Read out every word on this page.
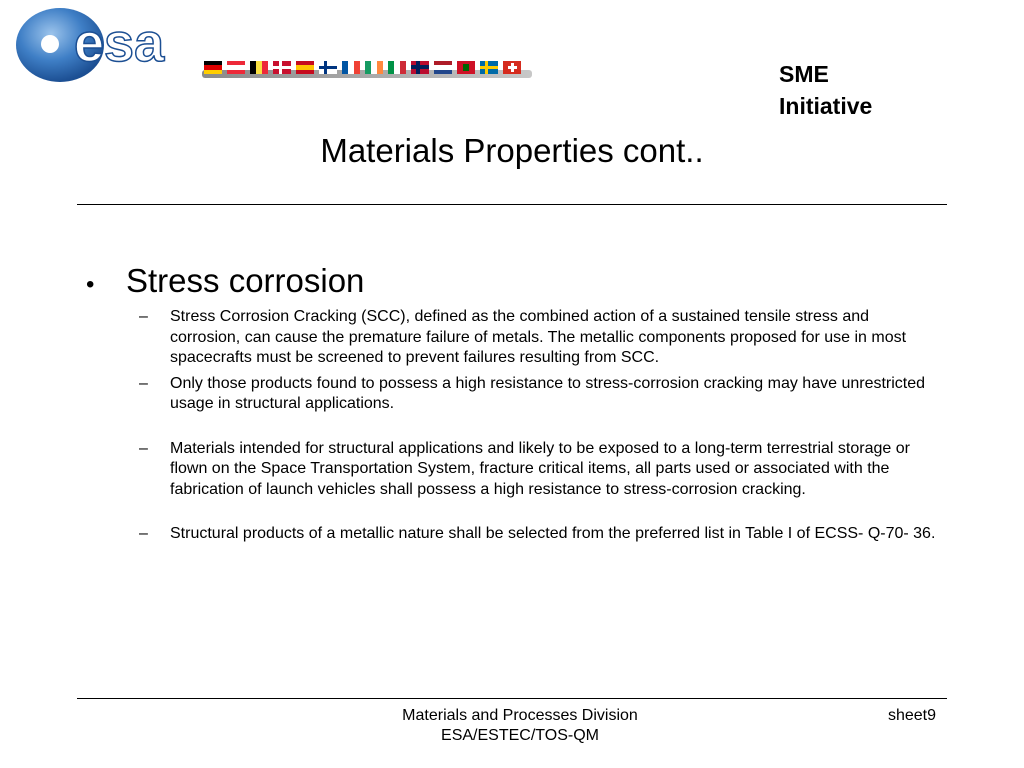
esa
SME
Initiative
Materials Properties cont..
• Stress corrosion
– Stress Corrosion Cracking (SCC), defined as the combined action of a sustained tensile stress and corrosion, can cause the premature failure of metals. The metallic components proposed for use in most spacecrafts must be screened to prevent failures resulting from SCC.
– Only those products found to possess a high resistance to stress-corrosion cracking may have unrestricted usage in structural applications.
– Materials intended for structural applications and likely to be exposed to a long-term terrestrial storage or flown on the Space Transportation System, fracture critical items, all parts used or associated with the fabrication of launch vehicles shall possess a high resistance to stress-corrosion cracking.
– Structural products of a metallic nature shall be selected from the preferred list in Table I of ECSS- Q-70- 36.
Materials and Processes Division
ESA/ESTEC/TOS-QM
sheet9
